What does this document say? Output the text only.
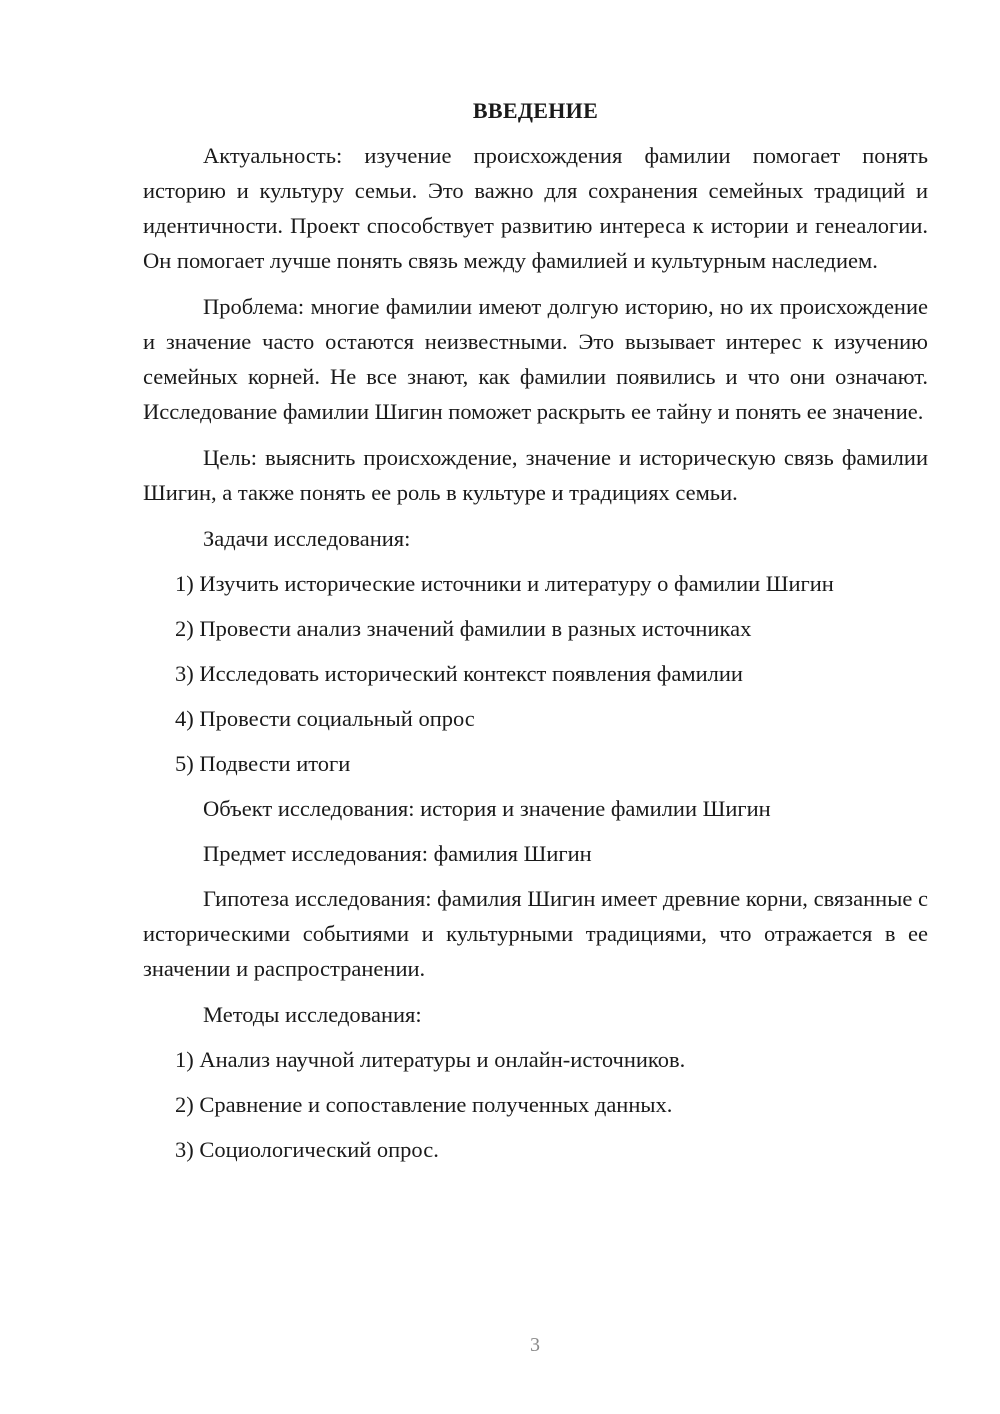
ВВЕДЕНИЕ

Актуальность: изучение происхождения фамилии помогает понять историю и культуру семьи. Это важно для сохранения семейных традиций и идентичности. Проект способствует развитию интереса к истории и генеалогии. Он помогает лучше понять связь между фамилией и культурным наследием.

Проблема: многие фамилии имеют долгую историю, но их происхождение и значение часто остаются неизвестными. Это вызывает интерес к изучению семейных корней. Не все знают, как фамилии появились и что они означают. Исследование фамилии Шигин поможет раскрыть ее тайну и понять ее значение.

Цель: выяснить происхождение, значение и историческую связь фамилии Шигин, а также понять ее роль в культуре и традициях семьи.

Задачи исследования:
1) Изучить исторические источники и литературу о фамилии Шигин
2) Провести анализ значений фамилии в разных источниках
3) Исследовать исторический контекст появления фамилии
4) Провести социальный опрос
5) Подвести итоги
Объект исследования: история и значение фамилии Шигин
Предмет исследования: фамилия Шигин

Гипотеза исследования: фамилия Шигин имеет древние корни, связанные с историческими событиями и культурными традициями, что отражается в ее значении и распространении.

Методы исследования:
1) Анализ научной литературы и онлайн-источников.
2) Сравнение и сопоставление полученных данных.
3) Социологический опрос.
3
